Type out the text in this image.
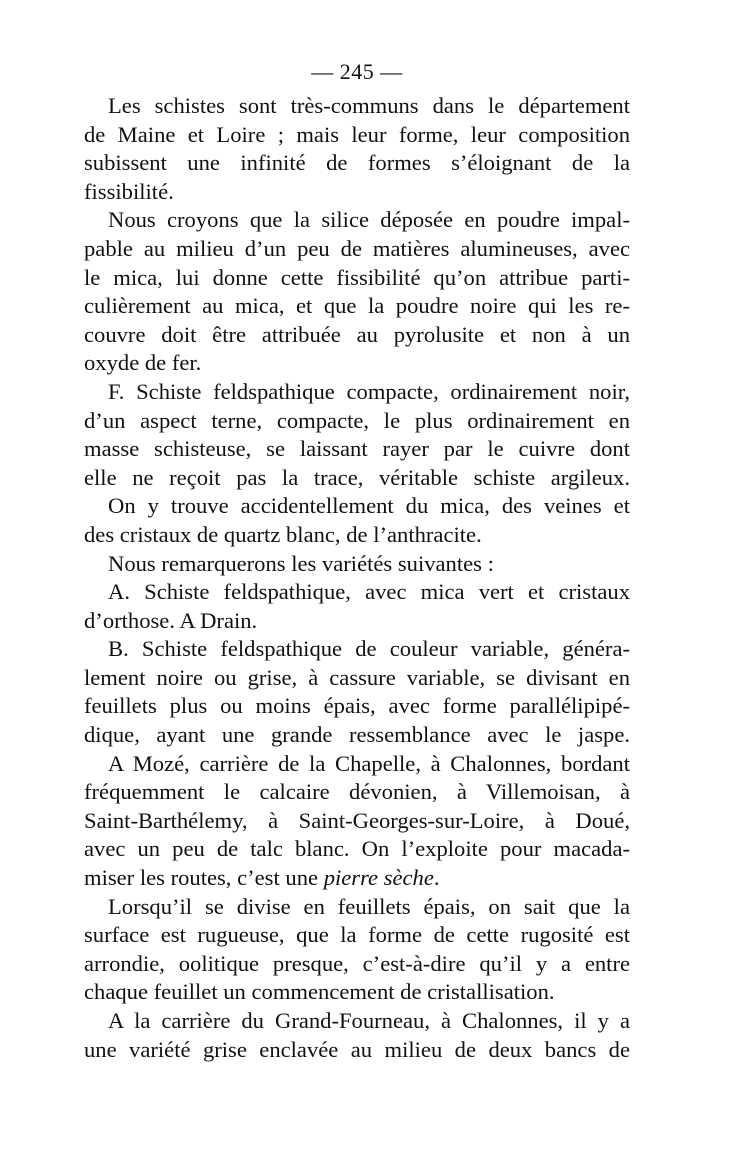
— 245 —
Les schistes sont très-communs dans le département
de Maine et Loire ; mais leur forme, leur composition
subissent une infinité de formes s’éloignant de la
fissibilité.
Nous croyons que la silice déposée en poudre impal-
pable au milieu d’un peu de matières alumineuses, avec
le mica, lui donne cette fissibilité qu’on attribue parti-
culièrement au mica, et que la poudre noire qui les re-
couvre doit être attribuée au pyrolusite et non à un
oxyde de fer.
F. Schiste feldspathique compacte, ordinairement noir,
d’un aspect terne, compacte, le plus ordinairement en
masse schisteuse, se laissant rayer par le cuivre dont
elle ne reçoit pas la trace, véritable schiste argileux.
On y trouve accidentellement du mica, des veines et
des cristaux de quartz blanc, de l’anthracite.
Nous remarquerons les variétés suivantes :
A. Schiste feldspathique, avec mica vert et cristaux
d’orthose. A Drain.
B. Schiste feldspathique de couleur variable, généra-
lement noire ou grise, à cassure variable, se divisant en
feuillets plus ou moins épais, avec forme parallélipipé-
dique, ayant une grande ressemblance avec le jaspe.
A Mozé, carrière de la Chapelle, à Chalonnes, bordant
fréquemment le calcaire dévonien, à Villemoisan, à
Saint-Barthélemy, à Saint-Georges-sur-Loire, à Doué,
avec un peu de talc blanc. On l’exploite pour macada-
miser les routes, c’est une pierre sèche.
Lorsqu’il se divise en feuillets épais, on sait que la
surface est rugueuse, que la forme de cette rugosité est
arrondie, oolitique presque, c’est-à-dire qu’il y a entre
chaque feuillet un commencement de cristallisation.
A la carrière du Grand-Fourneau, à Chalonnes, il y a
une variété grise enclavée au milieu de deux bancs de
